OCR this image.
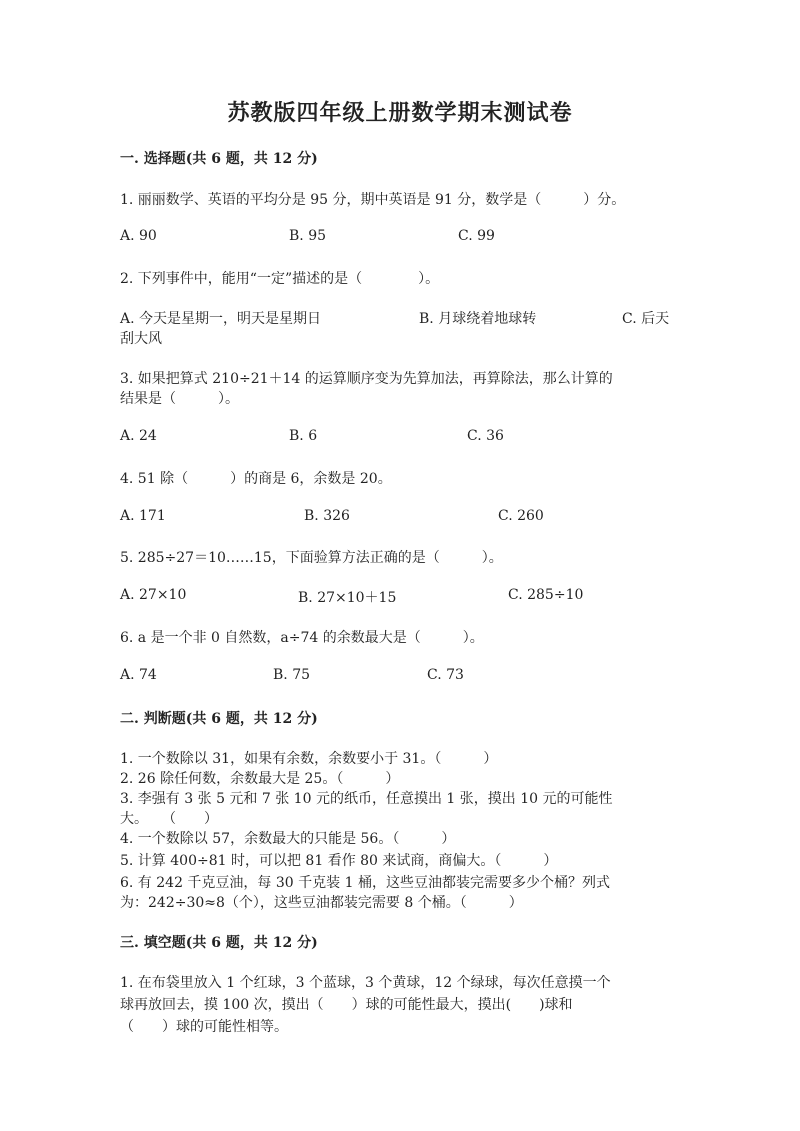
苏教版四年级上册数学期末测试卷
一. 选择题(共 6 题，共 12 分)
1. 丽丽数学、英语的平均分是 95 分，期中英语是 91 分，数学是（　　　）分。
A. 90	B. 95	C. 99
2. 下列事件中，能用“一定”描述的是（　　　　）。
A. 今天是星期一，明天是星期日	B. 月球绕着地球转	C. 后天
刮大风
3. 如果把算式 210÷21＋14 的运算顺序变为先算加法，再算除法，那么计算的
结果是（　　　）。
A. 24	B. 6	C. 36
4. 51 除（　　　）的商是 6，余数是 20。
A. 171	B. 326	C. 260
5. 285÷27＝10……15，下面验算方法正确的是（　　　）。
A. 27×10	B. 27×10＋15	C. 285÷10
6. a 是一个非 0 自然数，a÷74 的余数最大是（　　　）。
A. 74	B. 75	C. 73
二. 判断题(共 6 题，共 12 分)
1. 一个数除以 31，如果有余数，余数要小于 31。（　　　）
2. 26 除任何数，余数最大是 25。（　　　）
3. 李强有 3 张 5 元和 7 张 10 元的纸币，任意摸出 1 张，摸出 10 元的可能性
大。　　（　　）
4. 一个数除以 57，余数最大的只能是 56。（　　　）
5. 计算 400÷81 时，可以把 81 看作 80 来试商，商偏大。（　　　）
6. 有 242 千克豆油，每 30 千克装 1 桶，这些豆油都装完需要多少个桶？列式
为：242÷30≈8（个），这些豆油都装完需要 8 个桶。（　　　）
三. 填空题(共 6 题，共 12 分)
1. 在布袋里放入 1 个红球，3 个蓝球，3 个黄球，12 个绿球，每次任意摸一个
球再放回去，摸 100 次，摸出（　　）球的可能性最大，摸出(　　)球和
（　　）球的可能性相等。
